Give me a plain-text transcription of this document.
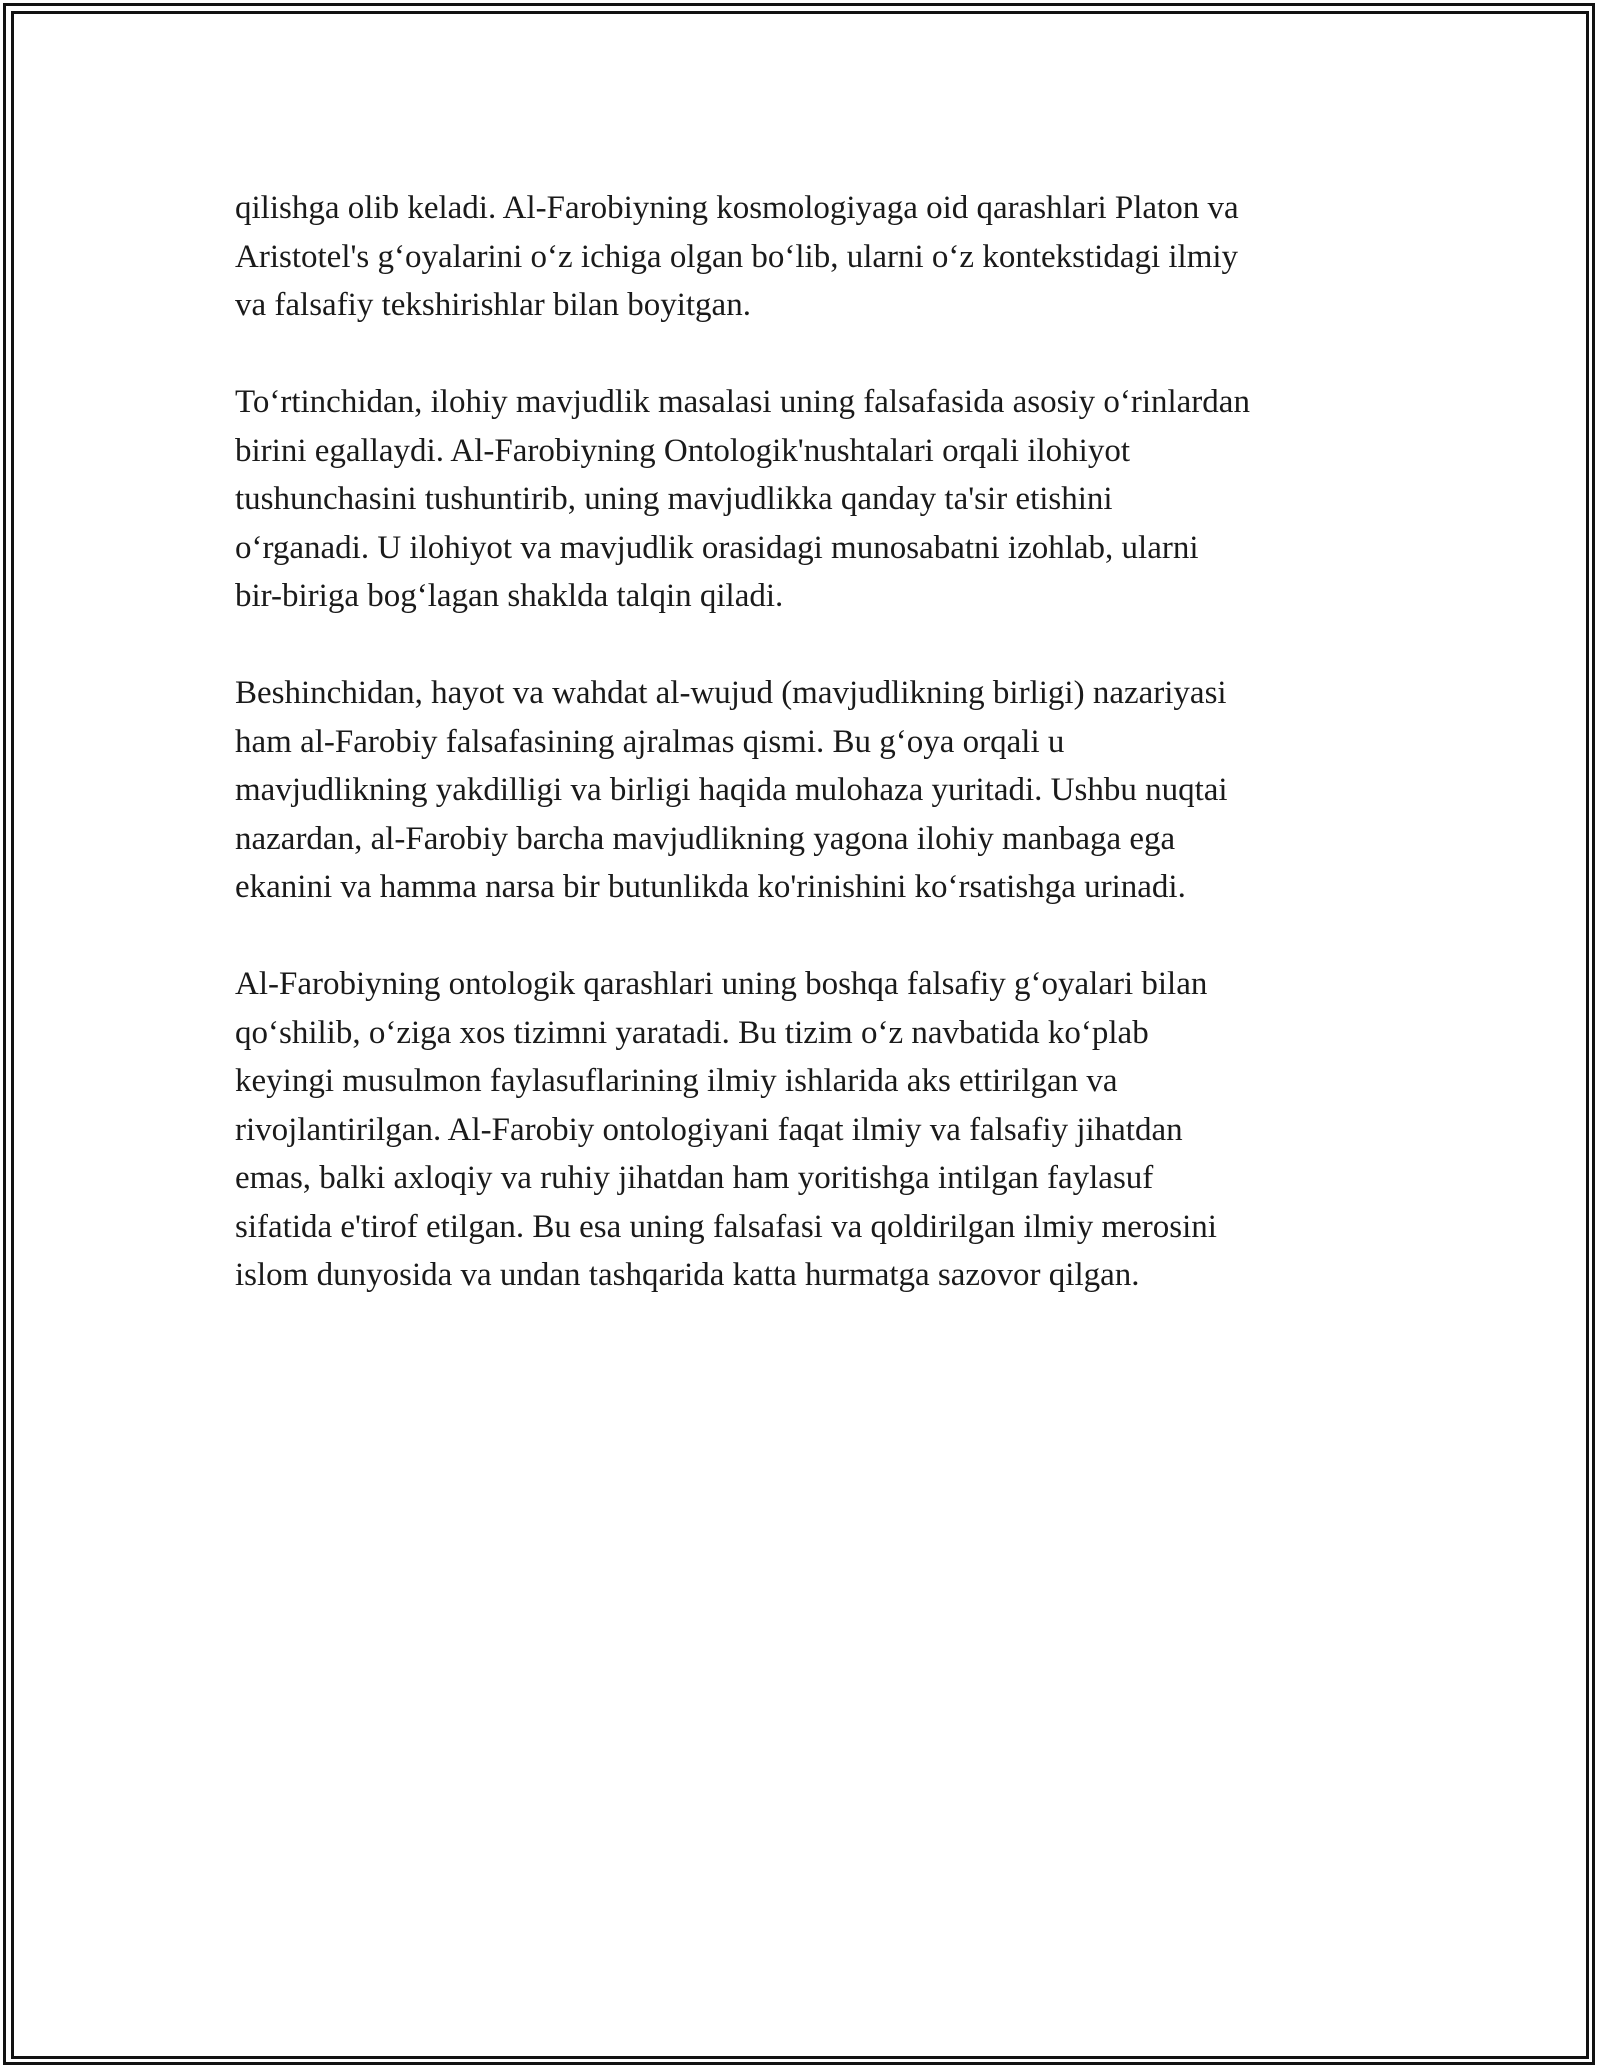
qilishga olib keladi. Al-Farobiyning kosmologiyaga oid qarashlari Platon va
Aristotel's g‘oyalarini o‘z ichiga olgan bo‘lib, ularni o‘z kontekstidagi ilmiy
va falsafiy tekshirishlar bilan boyitgan.

To‘rtinchidan, ilohiy mavjudlik masalasi uning falsafasida asosiy o‘rinlardan
birini egallaydi. Al-Farobiyning Ontologik'nushtalari orqali ilohiyot
tushunchasini tushuntirib, uning mavjudlikka qanday ta'sir etishini
o‘rganadi. U ilohiyot va mavjudlik orasidagi munosabatni izohlab, ularni
bir-biriga bog‘lagan shaklda talqin qiladi.

Beshinchidan, hayot va wahdat al-wujud (mavjudlikning birligi) nazariyasi
ham al-Farobiy falsafasining ajralmas qismi. Bu g‘oya orqali u
mavjudlikning yakdilligi va birligi haqida mulohaza yuritadi. Ushbu nuqtai
nazardan, al-Farobiy barcha mavjudlikning yagona ilohiy manbaga ega
ekanini va hamma narsa bir butunlikda ko'rinishini ko‘rsatishga urinadi.

Al-Farobiyning ontologik qarashlari uning boshqa falsafiy g‘oyalari bilan
qo‘shilib, o‘ziga xos tizimni yaratadi. Bu tizim o‘z navbatida ko‘plab
keyingi musulmon faylasuflarining ilmiy ishlarida aks ettirilgan va
rivojlantirilgan. Al-Farobiy ontologiyani faqat ilmiy va falsafiy jihatdan
emas, balki axloqiy va ruhiy jihatdan ham yoritishga intilgan faylasuf
sifatida e'tirof etilgan. Bu esa uning falsafasi va qoldirilgan ilmiy merosini
islom dunyosida va undan tashqarida katta hurmatga sazovor qilgan.
